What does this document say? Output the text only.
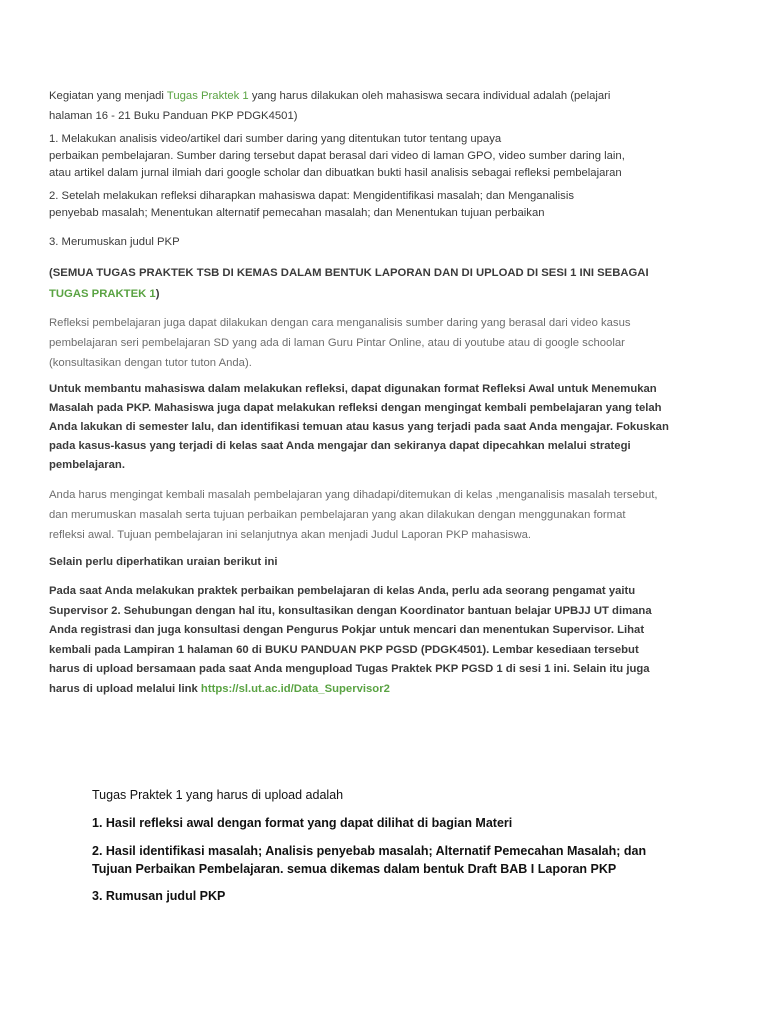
Kegiatan yang menjadi Tugas Praktek 1 yang harus dilakukan oleh mahasiswa secara individual adalah (pelajari
halaman 16 - 21 Buku Panduan PKP PDGK4501)

1. Melakukan analisis video/artikel dari sumber daring yang ditentukan tutor tentang upaya
perbaikan pembelajaran. Sumber daring tersebut dapat berasal dari video di laman GPO, video sumber daring lain,
atau artikel dalam jurnal ilmiah dari google scholar dan dibuatkan bukti hasil analisis sebagai refleksi pembelajaran

2. Setelah melakukan refleksi diharapkan mahasiswa dapat: Mengidentifikasi masalah; dan Menganalisis
penyebab masalah; Menentukan alternatif pemecahan masalah; dan Menentukan tujuan perbaikan

3. Merumuskan judul PKP

(SEMUA TUGAS PRAKTEK TSB DI KEMAS DALAM BENTUK LAPORAN DAN DI UPLOAD DI SESI 1 INI SEBAGAI
TUGAS PRAKTEK 1)

Refleksi pembelajaran juga dapat dilakukan dengan cara menganalisis sumber daring yang berasal dari video kasus
pembelajaran seri pembelajaran SD yang ada di laman Guru Pintar Online, atau di youtube atau di google schoolar
(konsultasikan dengan tutor tuton Anda).

Untuk membantu mahasiswa dalam melakukan refleksi, dapat digunakan format Refleksi Awal untuk Menemukan
Masalah pada PKP. Mahasiswa juga dapat melakukan refleksi dengan mengingat kembali pembelajaran yang telah
Anda lakukan di semester lalu, dan identifikasi temuan atau kasus yang terjadi pada saat Anda mengajar. Fokuskan
pada kasus-kasus yang terjadi di kelas saat Anda mengajar dan sekiranya dapat dipecahkan melalui strategi
pembelajaran.

Anda harus mengingat kembali masalah pembelajaran yang dihadapi/ditemukan di kelas ,menganalisis masalah tersebut,
dan merumuskan masalah serta tujuan perbaikan pembelajaran yang akan dilakukan dengan menggunakan format
refleksi awal. Tujuan pembelajaran ini selanjutnya akan menjadi Judul Laporan PKP mahasiswa.

Selain perlu diperhatikan uraian berikut ini

Pada saat Anda melakukan praktek perbaikan pembelajaran di kelas Anda, perlu ada seorang pengamat yaitu
Supervisor 2. Sehubungan dengan hal itu, konsultasikan dengan Koordinator bantuan belajar UPBJJ UT dimana
Anda registrasi dan juga konsultasi dengan Pengurus Pokjar untuk mencari dan menentukan Supervisor. Lihat
kembali pada Lampiran 1 halaman 60 di BUKU PANDUAN PKP PGSD (PDGK4501). Lembar kesediaan tersebut
harus di upload bersamaan pada saat Anda mengupload Tugas Praktek PKP PGSD 1 di sesi 1 ini. Selain itu juga
harus di upload melalui link https://sl.ut.ac.id/Data_Supervisor2

Tugas Praktek 1 yang harus di upload adalah

1. Hasil refleksi awal dengan format yang dapat dilihat di bagian Materi

2. Hasil identifikasi masalah; Analisis penyebab masalah; Alternatif Pemecahan Masalah; dan
Tujuan Perbaikan Pembelajaran. semua dikemas dalam bentuk Draft BAB I Laporan PKP

3. Rumusan judul PKP
